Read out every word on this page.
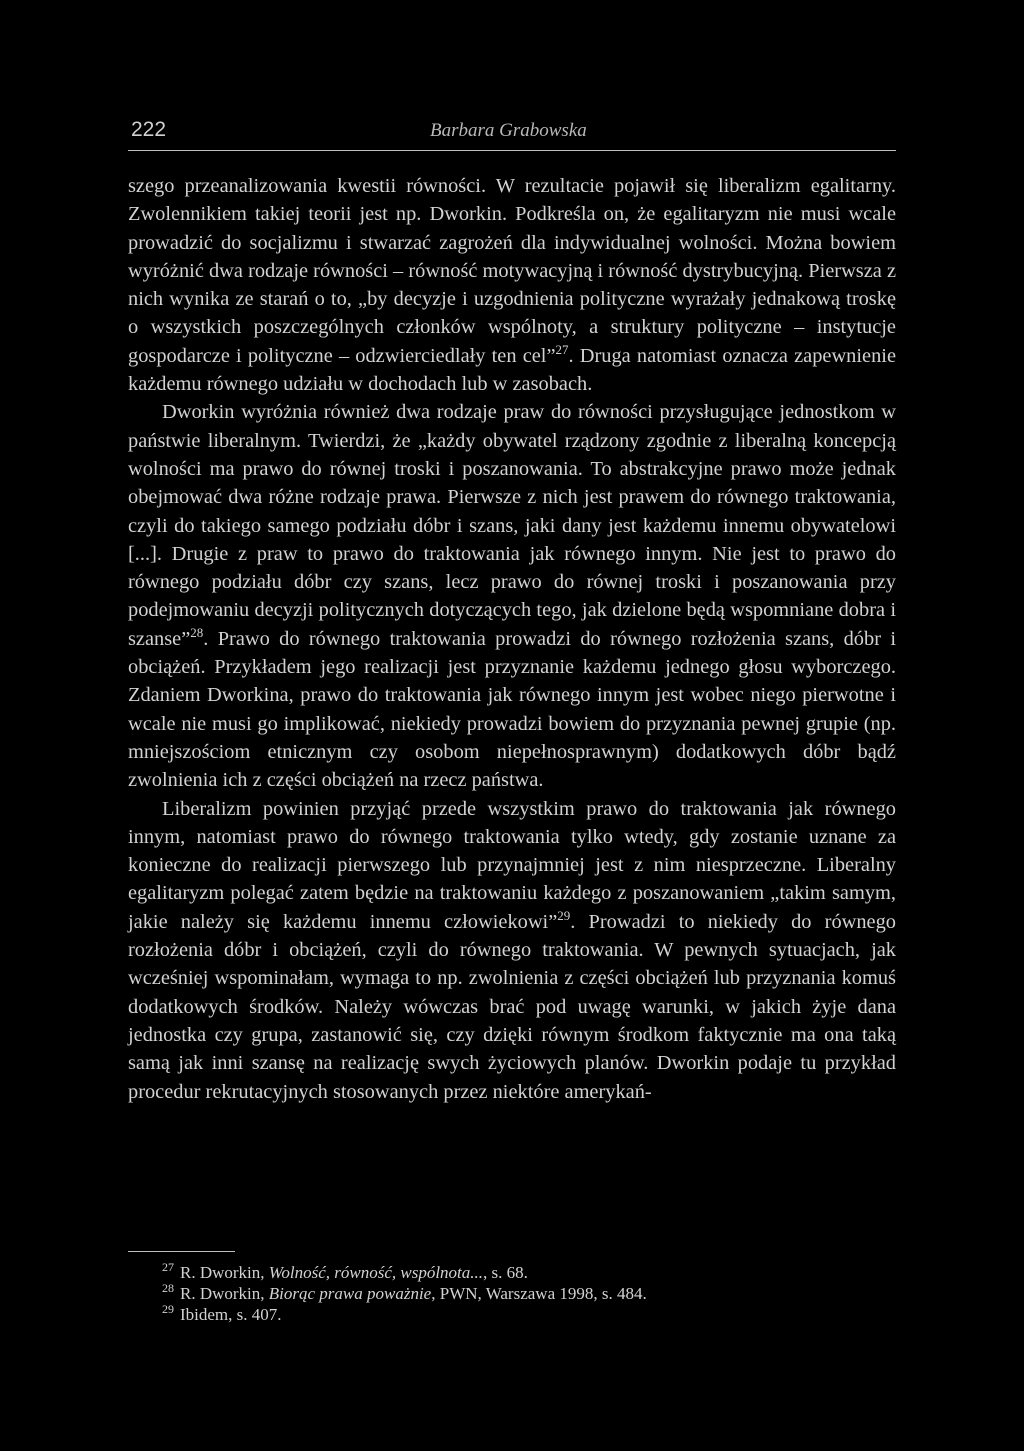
222	Barbara Grabowska

szego przeanalizowania kwestii równości. W rezultacie pojawił się liberalizm egalitarny. Zwolennikiem takiej teorii jest np. Dworkin. Podkreśla on, że egalitaryzm nie musi wcale prowadzić do socjalizmu i stwarzać zagrożeń dla indywidualnej wolności. Można bowiem wyróżnić dwa rodzaje równości – równość motywacyjną i równość dystrybucyjną. Pierwsza z nich wynika ze starań o to, „by decyzje i uzgodnienia polityczne wyrażały jednakową troskę o wszystkich poszczególnych członków wspólnoty, a struktury polityczne – instytucje gospodarcze i polityczne – odzwierciedlały ten cel”$^{27}$. Druga natomiast oznacza zapewnienie każdemu równego udziału w dochodach lub w zasobach.

Dworkin wyróżnia również dwa rodzaje praw do równości przysługujące jednostkom w państwie liberalnym. Twierdzi, że „każdy obywatel rządzony zgodnie z liberalną koncepcją wolności ma prawo do równej troski i poszanowania. To abstrakcyjne prawo może jednak obejmować dwa różne rodzaje prawa. Pierwsze z nich jest prawem do równego traktowania, czyli do takiego samego podziału dóbr i szans, jaki dany jest każdemu innemu obywatelowi [...]. Drugie z praw to prawo do traktowania jak równego innym. Nie jest to prawo do równego podziału dóbr czy szans, lecz prawo do równej troski i poszanowania przy podejmowaniu decyzji politycznych dotyczących tego, jak dzielone będą wspomniane dobra i szanse”$^{28}$. Prawo do równego traktowania prowadzi do równego rozłożenia szans, dóbr i obciążeń. Przykładem jego realizacji jest przyznanie każdemu jednego głosu wyborczego. Zdaniem Dworkina, prawo do traktowania jak równego innym jest wobec niego pierwotne i wcale nie musi go implikować, niekiedy prowadzi bowiem do przyznania pewnej grupie (np. mniejszościom etnicznym czy osobom niepełnosprawnym) dodatkowych dóbr bądź zwolnienia ich z części obciążeń na rzecz państwa.

Liberalizm powinien przyjąć przede wszystkim prawo do traktowania jak równego innym, natomiast prawo do równego traktowania tylko wtedy, gdy zostanie uznane za konieczne do realizacji pierwszego lub przynajmniej jest z nim niesprzeczne. Liberalny egalitaryzm polegać zatem będzie na traktowaniu każdego z poszanowaniem „takim samym, jakie należy się każdemu innemu człowiekowi”$^{29}$. Prowadzi to niekiedy do równego rozłożenia dóbr i obciążeń, czyli do równego traktowania. W pewnych sytuacjach, jak wcześniej wspominałam, wymaga to np. zwolnienia z części obciążeń lub przyznania komuś dodatkowych środków. Należy wówczas brać pod uwagę warunki, w jakich żyje dana jednostka czy grupa, zastanowić się, czy dzięki równym środkom faktycznie ma ona taką samą jak inni szansę na realizację swych życiowych planów. Dworkin podaje tu przykład procedur rekrutacyjnych stosowanych przez niektóre amerykań-

$^{27}$ R. Dworkin, Wolność, równość, wspólnota..., s. 68.

$^{28}$ R. Dworkin, Biorąc prawa poważnie, PWN, Warszawa 1998, s. 484.

$^{29}$ Ibidem, s. 407.
